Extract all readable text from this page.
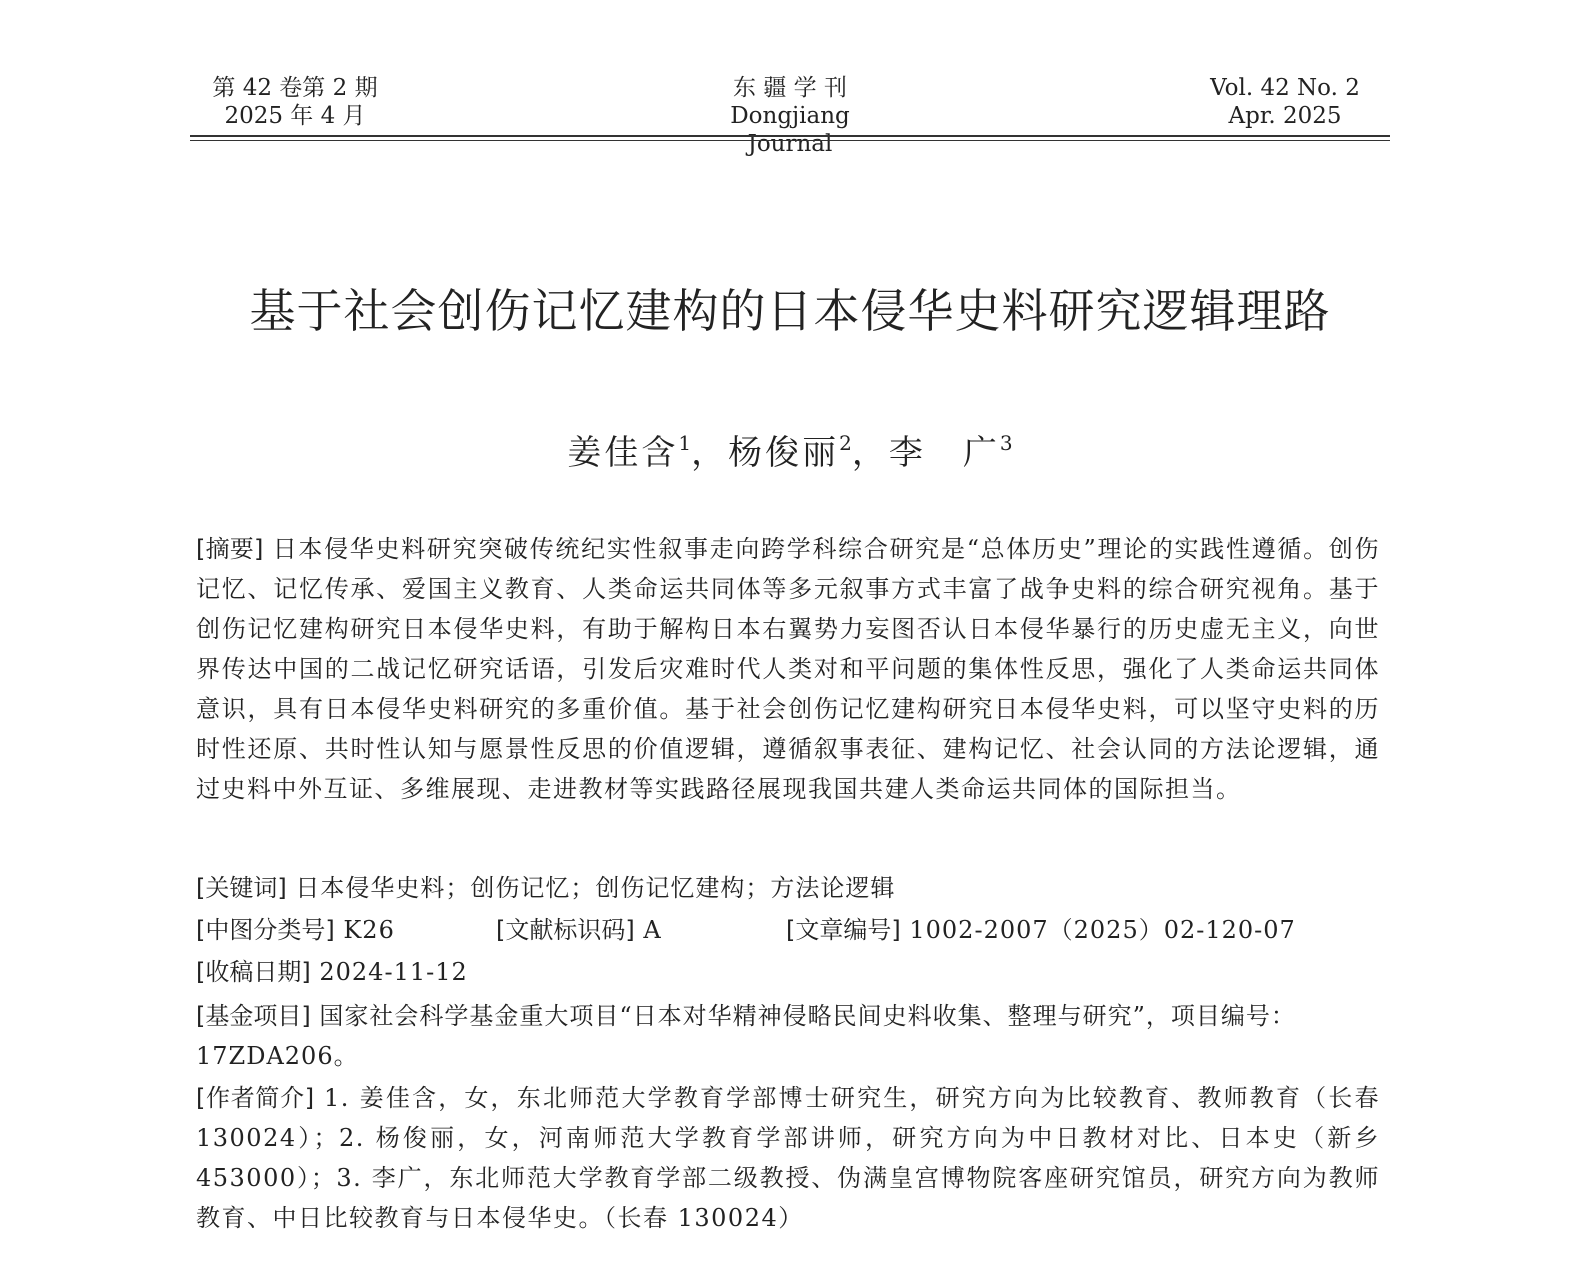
第 42 卷第 2 期
2025 年 4 月
东 疆 学 刊
Dongjiang Journal
Vol. 42 No. 2
Apr. 2025
基于社会创伤记忆建构的日本侵华史料研究逻辑理路
姜佳含$^1$，杨俊丽$^2$，李　广$^3$
[摘要] 日本侵华史料研究突破传统纪实性叙事走向跨学科综合研究是“总体历史”理论的实践性遵循。创伤记忆、记忆传承、爱国主义教育、人类命运共同体等多元叙事方式丰富了战争史料的综合研究视角。基于创伤记忆建构研究日本侵华史料，有助于解构日本右翼势力妄图否认日本侵华暴行的历史虚无主义，向世界传达中国的二战记忆研究话语，引发后灾难时代人类对和平问题的集体性反思，强化了人类命运共同体意识，具有日本侵华史料研究的多重价值。基于社会创伤记忆建构研究日本侵华史料，可以坚守史料的历时性还原、共时性认知与愿景性反思的价值逻辑，遵循叙事表征、建构记忆、社会认同的方法论逻辑，通过史料中外互证、多维展现、走进教材等实践路径展现我国共建人类命运共同体的国际担当。
[关键词] 日本侵华史料；创伤记忆；创伤记忆建构；方法论逻辑
[中图分类号] K26	[文献标识码] A	[文章编号] 1002-2007（2025）02-120-07
[收稿日期] 2024-11-12
[基金项目] 国家社会科学基金重大项目“日本对华精神侵略民间史料收集、整理与研究”，项目编号：17ZDA206。
[作者简介] 1. 姜佳含，女，东北师范大学教育学部博士研究生，研究方向为比较教育、教师教育（长春 130024）；2. 杨俊丽，女，河南师范大学教育学部讲师，研究方向为中日教材对比、日本史（新乡 453000）；3. 李广，东北师范大学教育学部二级教授、伪满皇宫博物院客座研究馆员，研究方向为教师教育、中日比较教育与日本侵华史。（长春 130024）
